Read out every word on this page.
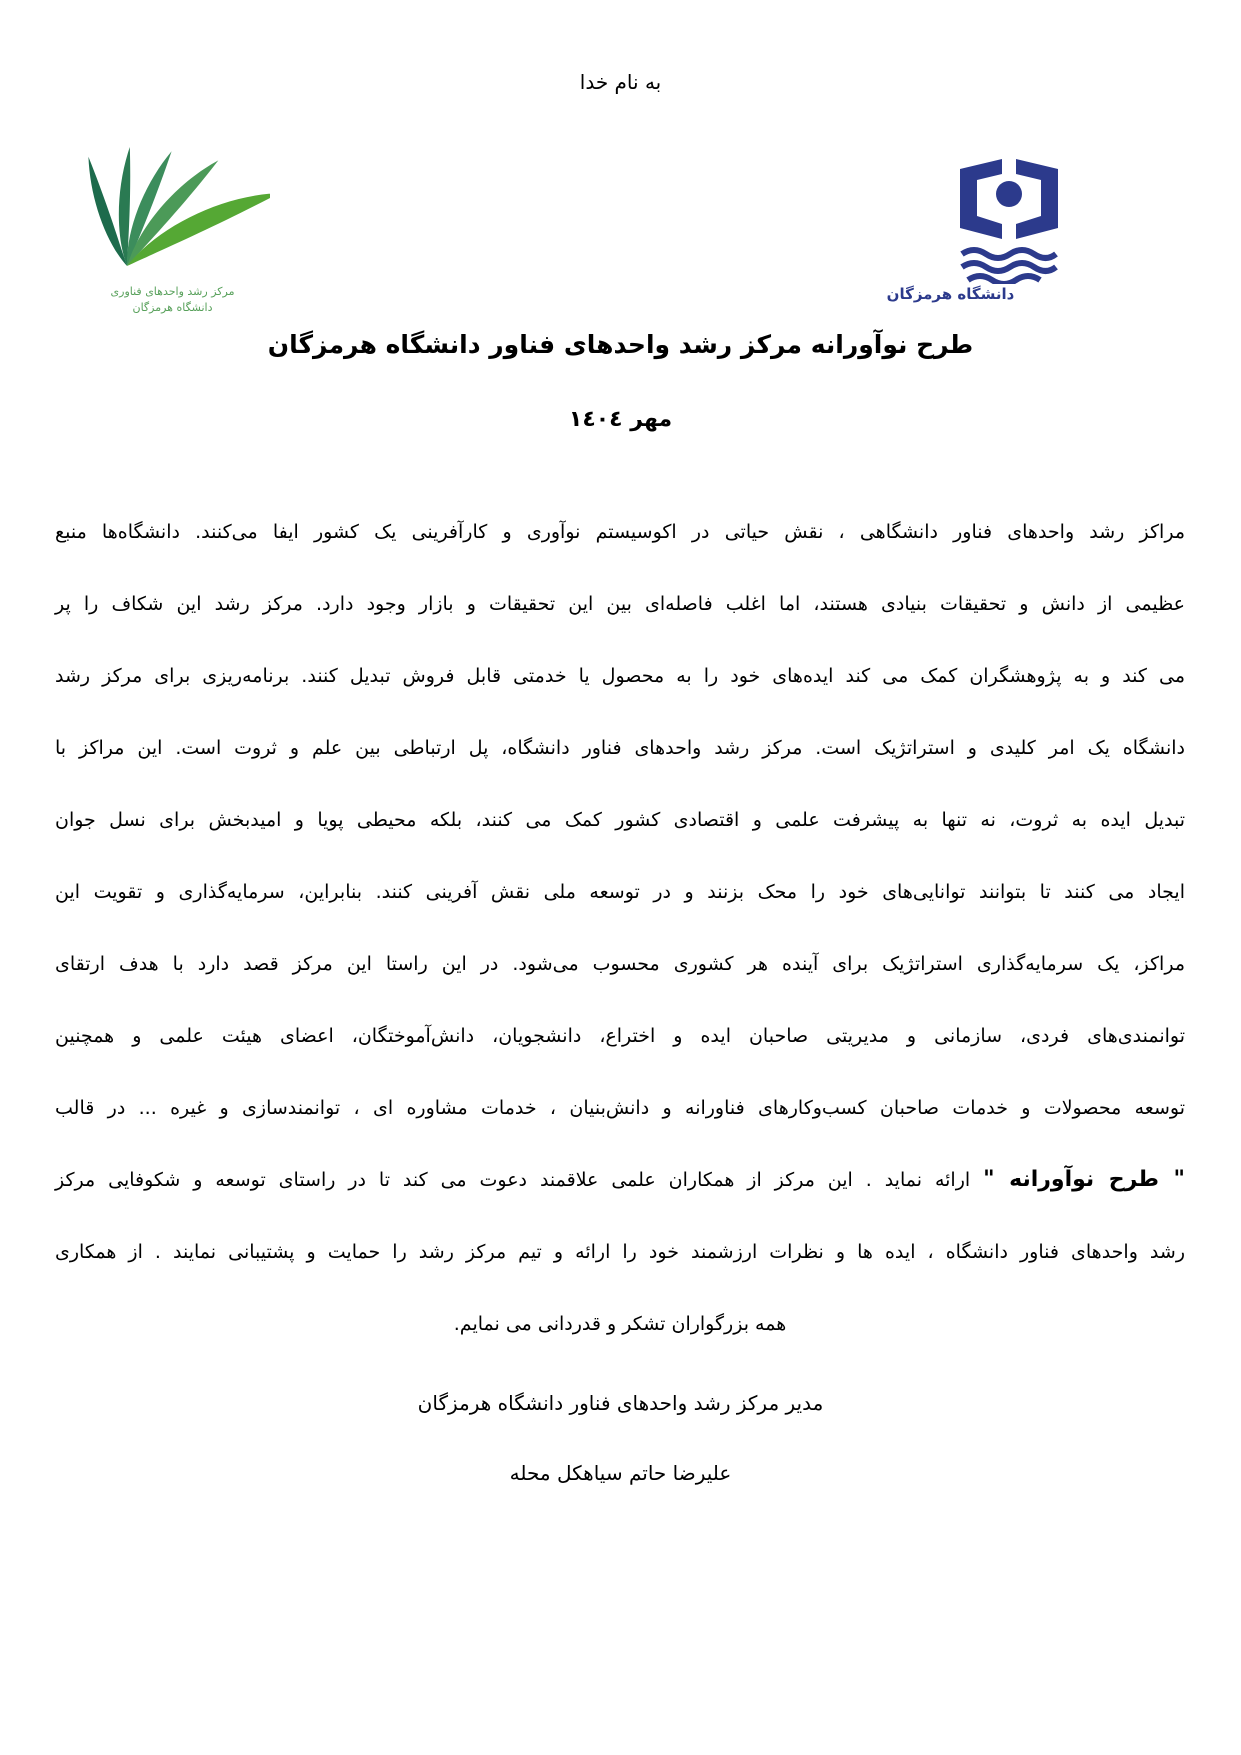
به نام خدا
مرکز رشد واحدهای فناوری
دانشگاه هرمزگان
دانشگاه هرمزگان
طرح نوآورانه مرکز رشد واحدهای فناور دانشگاه هرمزگان
مهر ١٤٠٤
مراکز رشد واحدهای فناور دانشگاهی ، نقش حیاتی در اکوسیستم نوآوری و کارآفرینی یک کشور ایفا می‌کنند. دانشگاه‌ها منبع
عظیمی از دانش و تحقیقات بنیادی هستند، اما اغلب فاصله‌ای بین این تحقیقات و بازار وجود دارد. مرکز رشد این شکاف را پر
می کند و به پژوهشگران کمک می کند ایده‌های خود را به محصول یا خدمتی قابل فروش تبدیل کنند. برنامه‌ریزی برای مرکز رشد
دانشگاه یک امر کلیدی و استراتژیک است. مرکز رشد واحدهای فناور دانشگاه، پل ارتباطی بین علم و ثروت است. این مراکز با
تبدیل ایده به ثروت، نه تنها به پیشرفت علمی و اقتصادی کشور کمک می کنند، بلکه محیطی پویا و امیدبخش برای نسل جوان
ایجاد می کنند تا بتوانند توانایی‌های خود را محک بزنند و در توسعه ملی نقش آفرینی کنند. بنابراین، سرمایه‌گذاری و تقویت این
مراکز، یک سرمایه‌گذاری استراتژیک برای آینده هر کشوری محسوب می‌شود. در این راستا این مرکز قصد دارد با هدف ارتقای
توانمندی‌های فردی، سازمانی و مدیریتی صاحبان ایده و اختراع، دانشجویان، دانش‌آموختگان، اعضای هیئت علمی و همچنین
توسعه محصولات و خدمات صاحبان کسب‌وکارهای فناورانه و دانش‌بنیان ، خدمات مشاوره ای ، توانمندسازی و غیره ... در قالب
" طرح نوآورانه " ارائه نماید . این مرکز از همکاران علمی علاقمند دعوت می کند تا در راستای توسعه و شکوفایی مرکز
رشد واحدهای فناور دانشگاه ، ایده ها و نظرات ارزشمند خود را ارائه و تیم مرکز رشد را حمایت و پشتیبانی نمایند . از همکاری
همه بزرگواران تشکر و قدردانی می نمایم.
مدیر مرکز رشد واحدهای فناور دانشگاه هرمزگان
علیرضا حاتم سیاهکل محله
